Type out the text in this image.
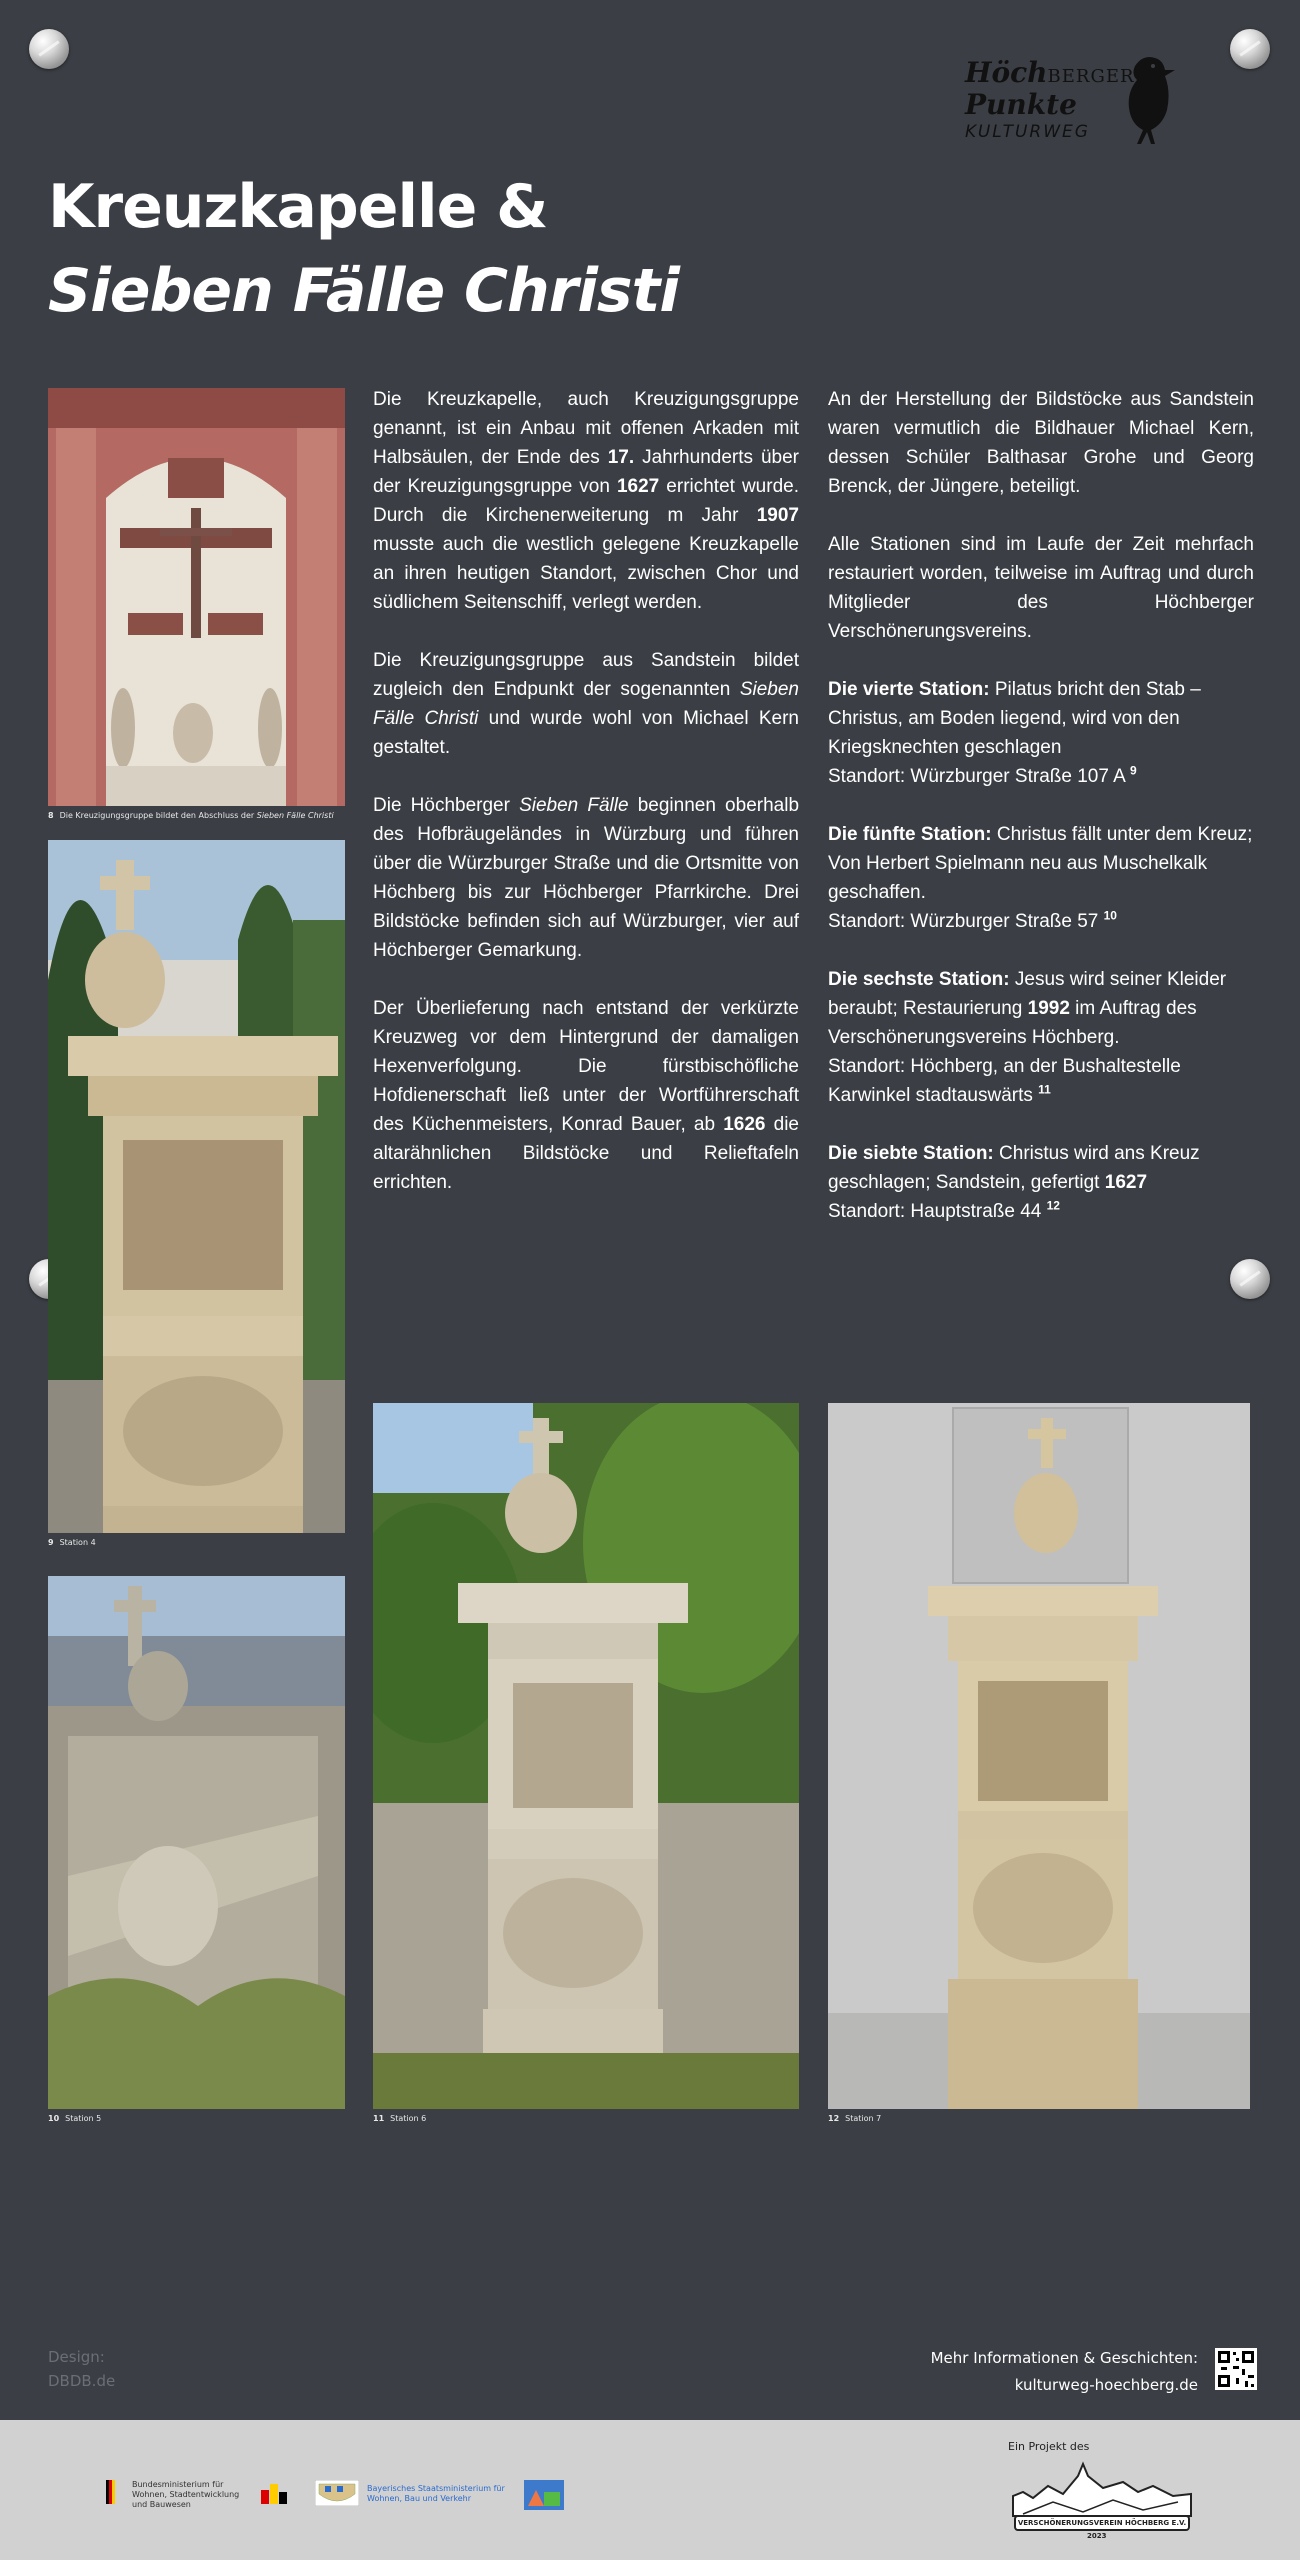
HöchBERGER
Punkte
KULTURWEG
Kreuzkapelle &
Sieben Fälle Christi
8 Die Kreuzigungsgruppe bildet den Abschluss der Sieben Fälle Christi
9 Station 4
10 Station 5	11 Station 6	12 Station 7

Die Kreuzkapelle, auch Kreuzigungsgruppe genannt, ist ein Anbau mit offenen Arkaden mit Halbsäulen, der Ende des 17. Jahrhunderts über der Kreuzigungsgruppe von 1627 errichtet wurde. Durch die Kirchenerweiterung m Jahr 1907 musste auch die westlich gelegene Kreuzkapelle an ihren heutigen Standort, zwischen Chor und südlichem Seitenschiff, verlegt werden.

Die Kreuzigungsgruppe aus Sandstein bildet zugleich den Endpunkt der sogenannten Sieben Fälle Christi und wurde wohl von Michael Kern gestaltet.

Die Höchberger Sieben Fälle beginnen oberhalb des Hofbräugeländes in Würzburg und führen über die Würzburger Straße und die Ortsmitte von Höchberg bis zur Höchberger Pfarrkirche. Drei Bildstöcke befinden sich auf Würzburger, vier auf Höchberger Gemarkung.

Der Überlieferung nach entstand der verkürzte Kreuzweg vor dem Hintergrund der damaligen Hexenverfolgung. Die fürstbischöfliche Hofdienerschaft ließ unter der Wortführerschaft des Küchenmeisters, Konrad Bauer, ab 1626 die altarähnlichen Bildstöcke und Relieftafeln errichten.

An der Herstellung der Bildstöcke aus Sandstein waren vermutlich die Bildhauer Michael Kern, dessen Schüler Balthasar Grohe und Georg Brenck, der Jüngere, beteiligt.

Alle Stationen sind im Laufe der Zeit mehrfach restauriert worden, teilweise im Auftrag und durch Mitglieder des Höchberger Verschönerungsvereins.

Die vierte Station: Pilatus bricht den Stab – Christus, am Boden liegend, wird von den Kriegsknechten geschlagen
Standort: Würzburger Straße 107 A $^9$

Die fünfte Station: Christus fällt unter dem Kreuz; Von Herbert Spielmann neu aus Muschelkalk geschaffen.
Standort: Würzburger Straße 57 $^{10}$

Die sechste Station: Jesus wird seiner Kleider beraubt; Restaurierung 1992 im Auftrag des Verschönerungsvereins Höchberg.
Standort: Höchberg, an der Bushaltestelle Karwinkel stadtauswärts $^{11}$

Die siebte Station: Christus wird ans Kreuz geschlagen; Sandstein, gefertigt 1627
Standort: Hauptstraße 44 $^{12}$

Design:
DBDB.de
Mehr Informationen & Geschichten:
kulturweg-hoechberg.de
Bundesministerium für Wohnen, Stadtentwicklung und Bauwesen
Bayerisches Staatsministerium für Wohnen, Bau und Verkehr
Ein Projekt des
VERSCHÖNERUNGSVEREIN HÖCHBERG E.V.
2023
